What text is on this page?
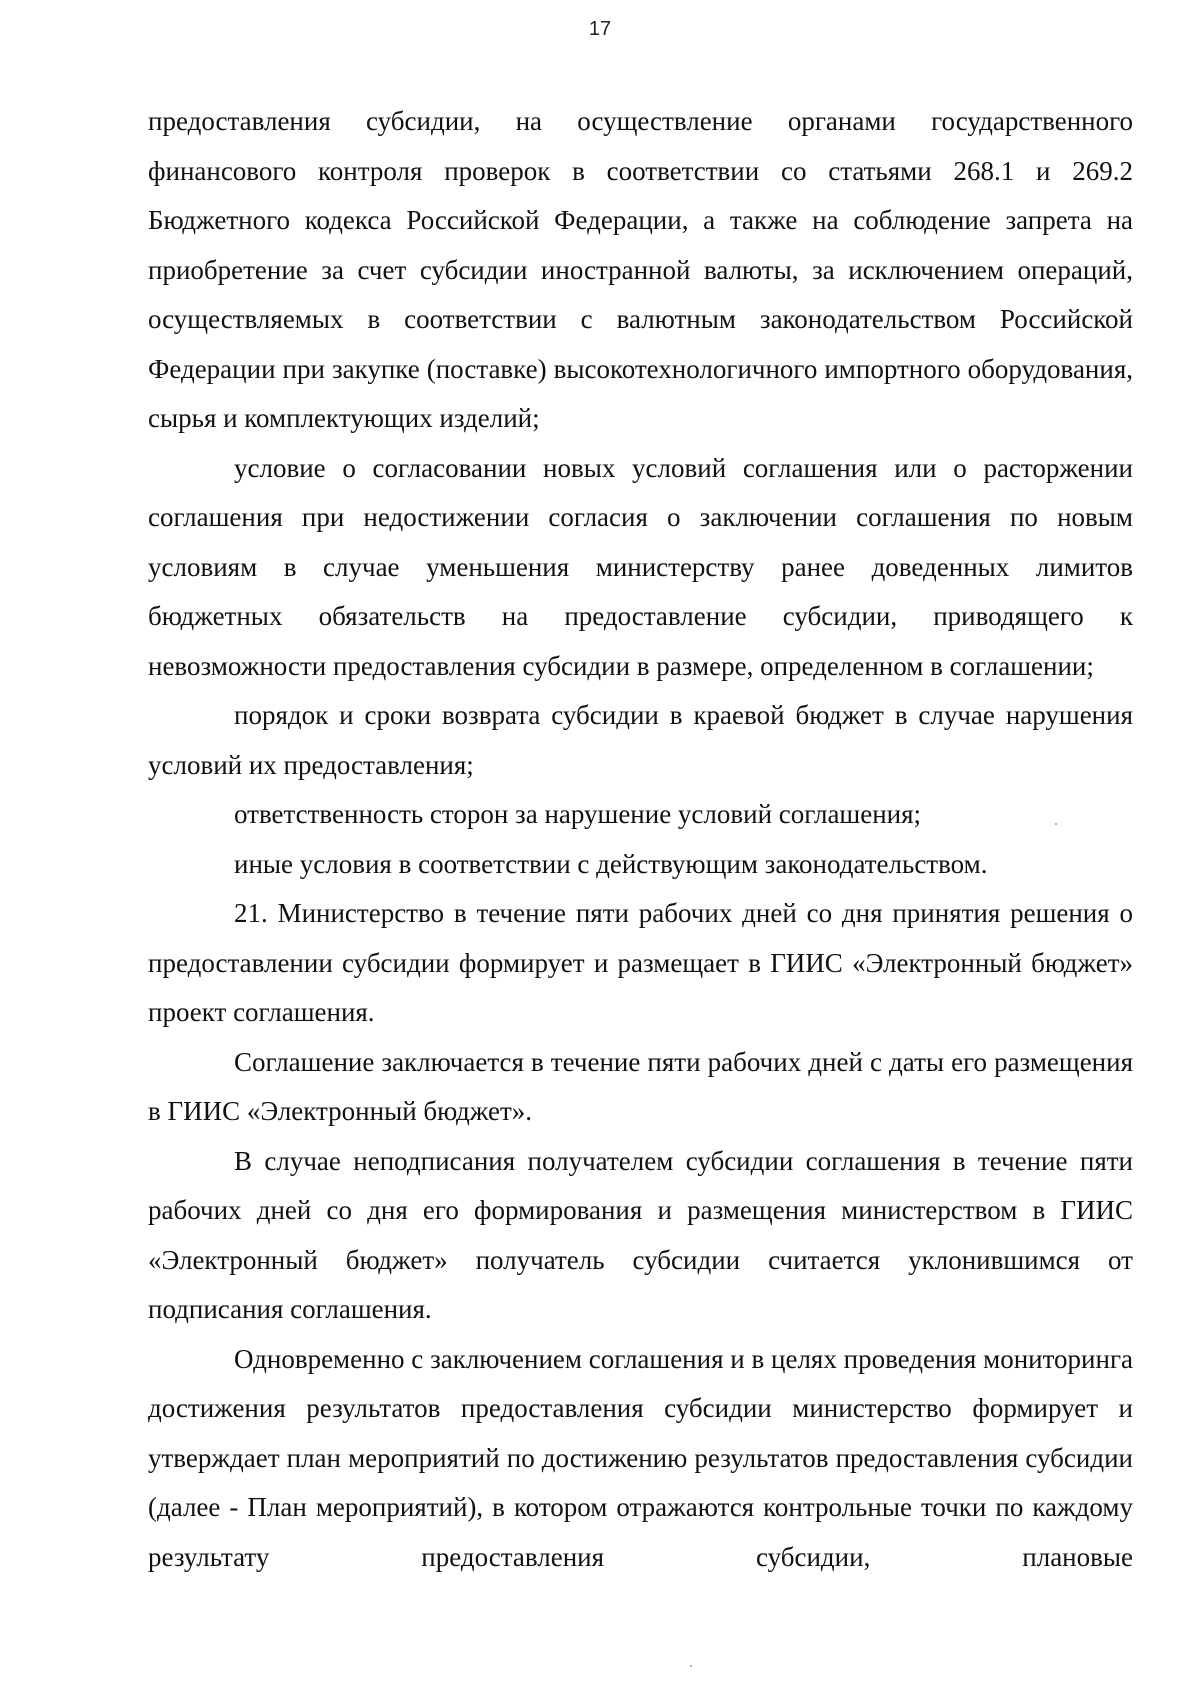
17

предоставления субсидии, на осуществление органами государственного финансового контроля проверок в соответствии со статьями 268.1 и 269.2 Бюджетного кодекса Российской Федерации, а также на соблюдение запрета на приобретение за счет субсидии иностранной валюты, за исключением операций, осуществляемых в соответствии с валютным законодательством Российской Федерации при закупке (поставке) высокотехнологичного импортного оборудования, сырья и комплектующих изделий;

условие о согласовании новых условий соглашения или о расторжении соглашения при недостижении согласия о заключении соглашения по новым условиям в случае уменьшения министерству ранее доведенных лимитов бюджетных обязательств на предоставление субсидии, приводящего к невозможности предоставления субсидии в размере, определенном в соглашении;

порядок и сроки возврата субсидии в краевой бюджет в случае нарушения условий их предоставления;

ответственность сторон за нарушение условий соглашения;

иные условия в соответствии с действующим законодательством.

21. Министерство в течение пяти рабочих дней со дня принятия решения о предоставлении субсидии формирует и размещает в ГИИС «Электронный бюджет» проект соглашения.

Соглашение заключается в течение пяти рабочих дней с даты его размещения в ГИИС «Электронный бюджет».

В случае неподписания получателем субсидии соглашения в течение пяти рабочих дней со дня его формирования и размещения министерством в ГИИС «Электронный бюджет» получатель субсидии считается уклонившимся от подписания соглашения.

Одновременно с заключением соглашения и в целях проведения мониторинга достижения результатов предоставления субсидии министерство формирует и утверждает план мероприятий по достижению результатов предоставления субсидии (далее - План мероприятий), в котором отражаются контрольные точки по каждому результату предоставления субсидии, плановые
